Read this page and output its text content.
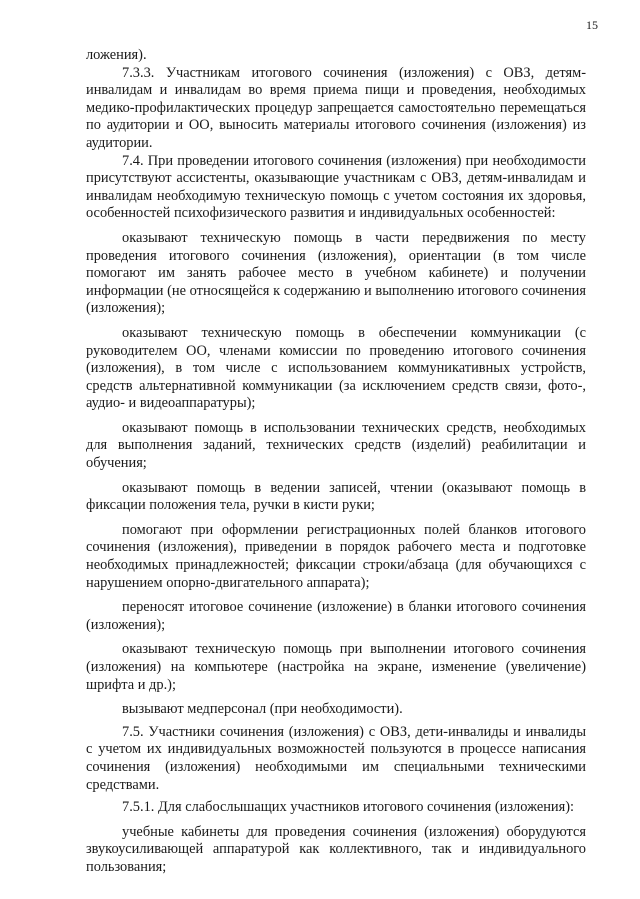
15

ложения).

7.3.3. Участникам итогового сочинения (изложения) с ОВЗ, детям-инвалидам и инвалидам во время приема пищи и проведения, необходимых медико-профилактических процедур запрещается самостоятельно перемещаться по аудитории и ОО, выносить материалы итогового сочинения (изложения) из аудитории.

7.4. При проведении итогового сочинения (изложения) при необходимости присутствуют ассистенты, оказывающие участникам с ОВЗ, детям-инвалидам и инвалидам необходимую техническую помощь с учетом состояния их здоровья, особенностей психофизического развития и индивидуальных особенностей:

оказывают техническую помощь в части передвижения по месту проведения итогового сочинения (изложения), ориентации (в том числе помогают им занять рабочее место в учебном кабинете) и получении информации (не относящейся к содержанию и выполнению итогового сочинения (изложения);

оказывают техническую помощь в обеспечении коммуникации (с руководителем ОО, членами комиссии по проведению итогового сочинения (изложения), в том числе с использованием коммуникативных устройств, средств альтернативной коммуникации (за исключением средств связи, фото-, аудио- и видеоаппаратуры);

оказывают помощь в использовании технических средств, необходимых для выполнения заданий, технических средств (изделий) реабилитации и обучения;

оказывают помощь в ведении записей, чтении (оказывают помощь в фиксации положения тела, ручки в кисти руки;

помогают при оформлении регистрационных полей бланков итогового сочинения (изложения), приведении в порядок рабочего места и подготовке необходимых принадлежностей; фиксации строки/абзаца (для обучающихся с нарушением опорно-двигательного аппарата);

переносят итоговое сочинение (изложение) в бланки итогового сочинения (изложения);

оказывают техническую помощь при выполнении итогового сочинения (изложения) на компьютере (настройка на экране, изменение (увеличение) шрифта и др.);

вызывают медперсонал (при необходимости).

7.5. Участники сочинения (изложения) с ОВЗ, дети-инвалиды и инвалиды с учетом их индивидуальных возможностей пользуются в процессе написания сочинения (изложения) необходимыми им специальными техническими средствами.

7.5.1. Для слабослышащих участников итогового сочинения (изложения):

учебные кабинеты для проведения сочинения (изложения) оборудуются звукоусиливающей аппаратурой как коллективного, так и индивидуального пользования;
